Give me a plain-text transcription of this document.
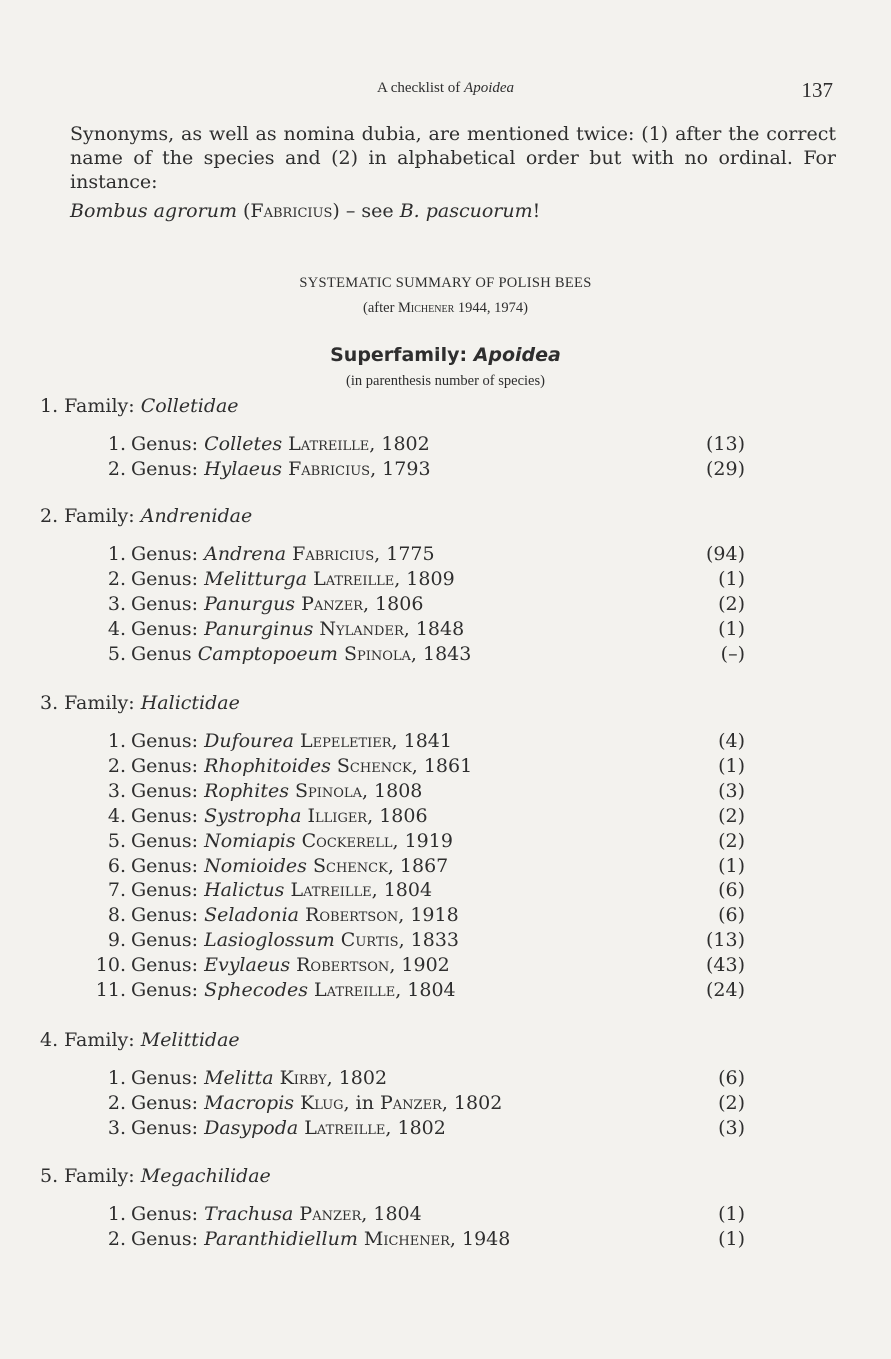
A checklist of Apoidea	137

Synonyms, as well as nomina dubia, are mentioned twice: (1) after the correct name of the species and (2) in alphabetical order but with no ordinal. For instance:

Bombus agrorum (Fabricius) – see B. pascuorum!
SYSTEMATIC SUMMARY OF POLISH BEES
(after Michener 1944, 1974)
Superfamily: Apoidea
(in parenthesis number of species)
1. Family: Colletidae
1. Genus: Colletes Latreille, 1802	(13)
2. Genus: Hylaeus Fabricius, 1793	(29)
2. Family: Andrenidae
1. Genus: Andrena Fabricius, 1775	(94)
2. Genus: Melitturga Latreille, 1809	(1)
3. Genus: Panurgus Panzer, 1806	(2)
4. Genus: Panurginus Nylander, 1848	(1)
5. Genus Camptopoeum Spinola, 1843	(–)
3. Family: Halictidae
1. Genus: Dufourea Lepeletier, 1841	(4)
2. Genus: Rhophitoides Schenck, 1861	(1)
3. Genus: Rophites Spinola, 1808	(3)
4. Genus: Systropha Illiger, 1806	(2)
5. Genus: Nomiapis Cockerell, 1919	(2)
6. Genus: Nomioides Schenck, 1867	(1)
7. Genus: Halictus Latreille, 1804	(6)
8. Genus: Seladonia Robertson, 1918	(6)
9. Genus: Lasioglossum Curtis, 1833	(13)
10. Genus: Evylaeus Robertson, 1902	(43)
11. Genus: Sphecodes Latreille, 1804	(24)
4. Family: Melittidae
1. Genus: Melitta Kirby, 1802	(6)
2. Genus: Macropis Klug, in Panzer, 1802	(2)
3. Genus: Dasypoda Latreille, 1802	(3)
5. Family: Megachilidae
1. Genus: Trachusa Panzer, 1804	(1)
2. Genus: Paranthidiellum Michener, 1948	(1)
